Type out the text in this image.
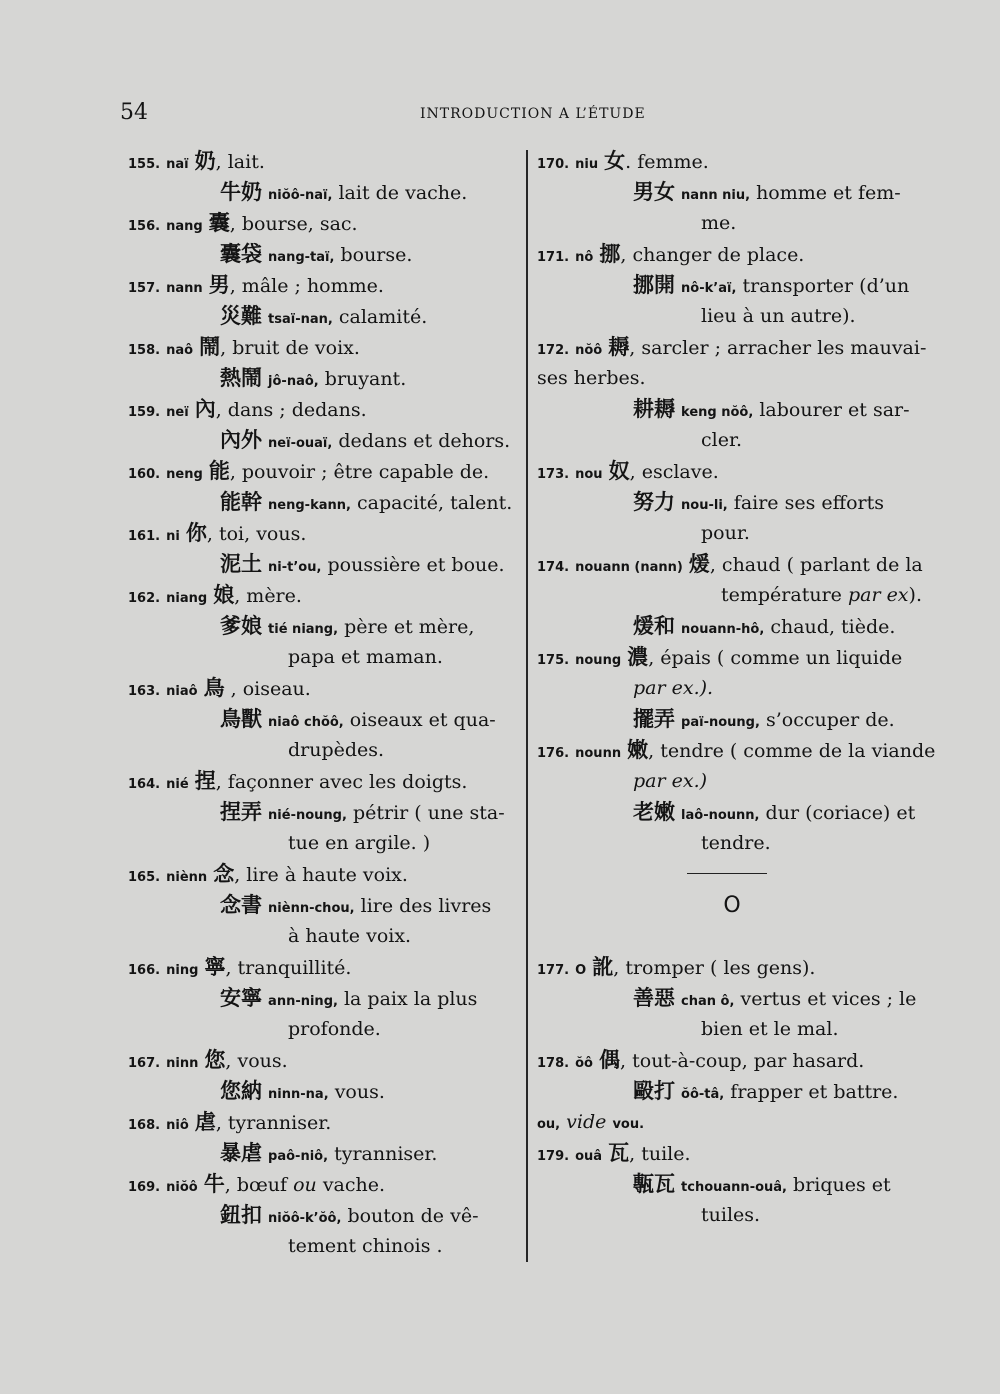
54	INTRODUCTION A L’ÉTUDE
155. naï 奶, lait.
牛奶 niŏô-naï, lait de vache.
156. nang 囊, bourse, sac.
囊袋 nang-taï, bourse.
157. nann 男, mâle ; homme.
災難 tsaï-nan, calamité.
158. naô 鬧, bruit de voix.
熱鬧 jô-naô, bruyant.
159. neï 內, dans ; dedans.
內外 neï-ouaï, dedans et dehors.
160. neng 能, pouvoir ; être capable de.
能幹 neng-kann, capacité, talent.
161. ni 你, toi, vous.
泥土 ni-t’ou, poussière et boue.
162. niang 娘, mère.
爹娘 tié niang, père et mère,
papa et maman.
163. niaô 鳥 , oiseau.
鳥獸 niaô chŏô, oiseaux et qua-
drupèdes.
164. nié 捏, façonner avec les doigts.
捏弄 nié-noung, pétrir ( une sta-
tue en argile. )
165. niènn 念, lire à haute voix.
念書 niènn-chou, lire des livres
à haute voix.
166. ning 寧, tranquillité.
安寧 ann-ning, la paix la plus
profonde.
167. ninn 您, vous.
您納 ninn-na, vous.
168. niô 虐, tyranniser.
暴虐 paô-niô, tyranniser.
169. niŏô 牛, bœuf ou vache.
鈕扣 niŏô-k’ŏô, bouton de vê-
tement chinois .
170. niu 女. femme.
男女 nann niu, homme et fem-
me.
171. nô 挪, changer de place.
挪開 nô-k’aï, transporter (d’un
lieu à un autre).
172. nŏô 耨, sarcler ; arracher les mauvai-
ses herbes.
耕耨 keng nŏô, labourer et sar-
cler.
173. nou 奴, esclave.
努力 nou-li, faire ses efforts
pour.
174. nouann (nann) 煖, chaud ( parlant de la
température par ex).
煖和 nouann-hô, chaud, tiède.
175. noung 濃, épais ( comme un liquide
par ex.).
擺弄 paï-noung, s’occuper de.
176. nounn 嫩, tendre ( comme de la viande
par ex.)
老嫩 laô-nounn, dur (coriace) et
tendre.
O
177. O 訛, tromper ( les gens).
善惡 chan ô, vertus et vices ; le
bien et le mal.
178. ŏô 偶, tout-à-coup, par hasard.
毆打 ŏô-tâ, frapper et battre.
ou, vide vou.
179. ouâ 瓦, tuile.
甎瓦 tchouann-ouâ, briques et
tuiles.
